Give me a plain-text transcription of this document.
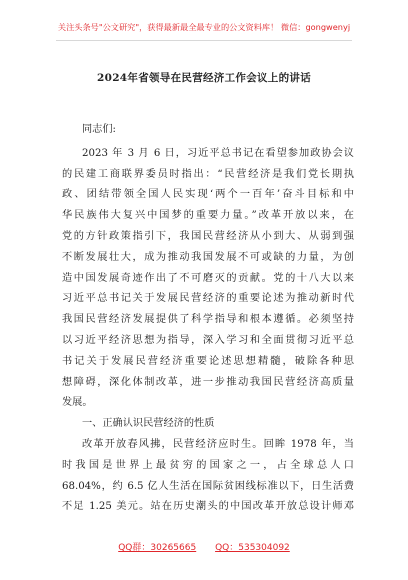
关注头条号"公文研究"，获得最新最全最专业的公文资料库！ 微信：gongwenyj
2024年省领导在民营经济工作会议上的讲话
同志们:
2023 年 3 月 6 日，习近平总书记在看望参加政协会议
的民建工商联界委员时指出：“民营经济是我们党长期执
政、团结带领全国人民实现‘两个一百年’奋斗目标和中
华民族伟大复兴中国梦的重要力量。”改革开放以来，在
党的方针政策指引下，我国民营经济从小到大、从弱到强
不断发展壮大，成为推动我国发展不可或缺的力量，为创
造中国发展奇迹作出了不可磨灭的贡献。党的十八大以来
习近平总书记关于发展民营经济的重要论述为推动新时代
我国民营经济发展提供了科学指导和根本遵循。必须坚持
以习近平经济思想为指导，深入学习和全面贯彻习近平总
书记关于发展民营经济重要论述思想精髓，破除各种思
想障碍，深化体制改革，进一步推动我国民营经济高质量
发展。
一、正确认识民营经济的性质
改革开放春风拂，民营经济应时生。回眸 1978 年，当
时我国是世界上最贫穷的国家之一，占全球总人口
68.04%，约 6.5 亿人生活在国际贫困线标准以下，日生活费
不足 1.25 美元。站在历史潮头的中国改革开放总设计师邓
QQ群：30265665 QQ：535304092
